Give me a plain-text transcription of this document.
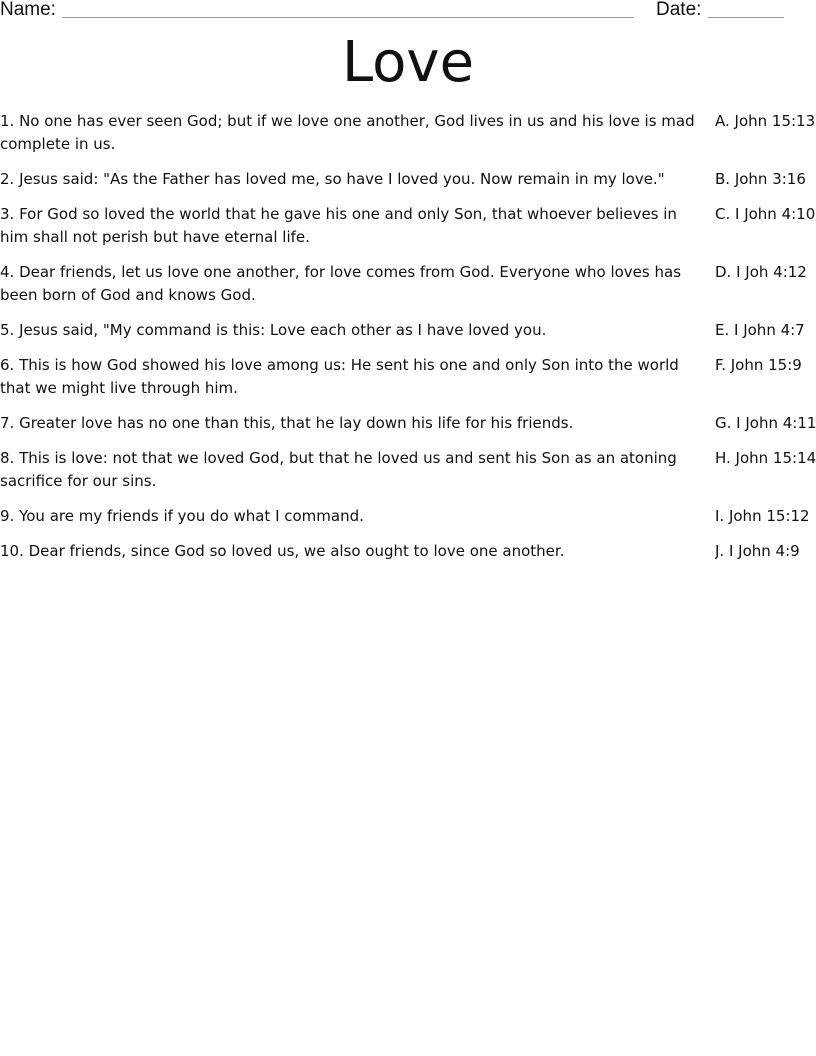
Name:	Date:
Love
1. No one has ever seen God; but if we love one another, God lives in us and his love is mad complete in us.
A. John 15:13
2. Jesus said: "As the Father has loved me, so have I loved you. Now remain in my love."	B. John 3:16
3. For God so loved the world that he gave his one and only Son, that whoever believes in him shall not perish but have eternal life.
C. I John 4:10
4. Dear friends, let us love one another, for love comes from God. Everyone who loves has been born of God and knows God.
D. I Joh 4:12
5. Jesus said, "My command is this: Love each other as I have loved you.	E. I John 4:7
6. This is how God showed his love among us: He sent his one and only Son into the world that we might live through him.
F. John 15:9
7. Greater love has no one than this, that he lay down his life for his friends.	G. I John 4:11
8. This is love: not that we loved God, but that he loved us and sent his Son as an atoning sacrifice for our sins.
H. John 15:14
9. You are my friends if you do what I command.	I. John 15:12
10. Dear friends, since God so loved us, we also ought to love one another.	J. I John 4:9
